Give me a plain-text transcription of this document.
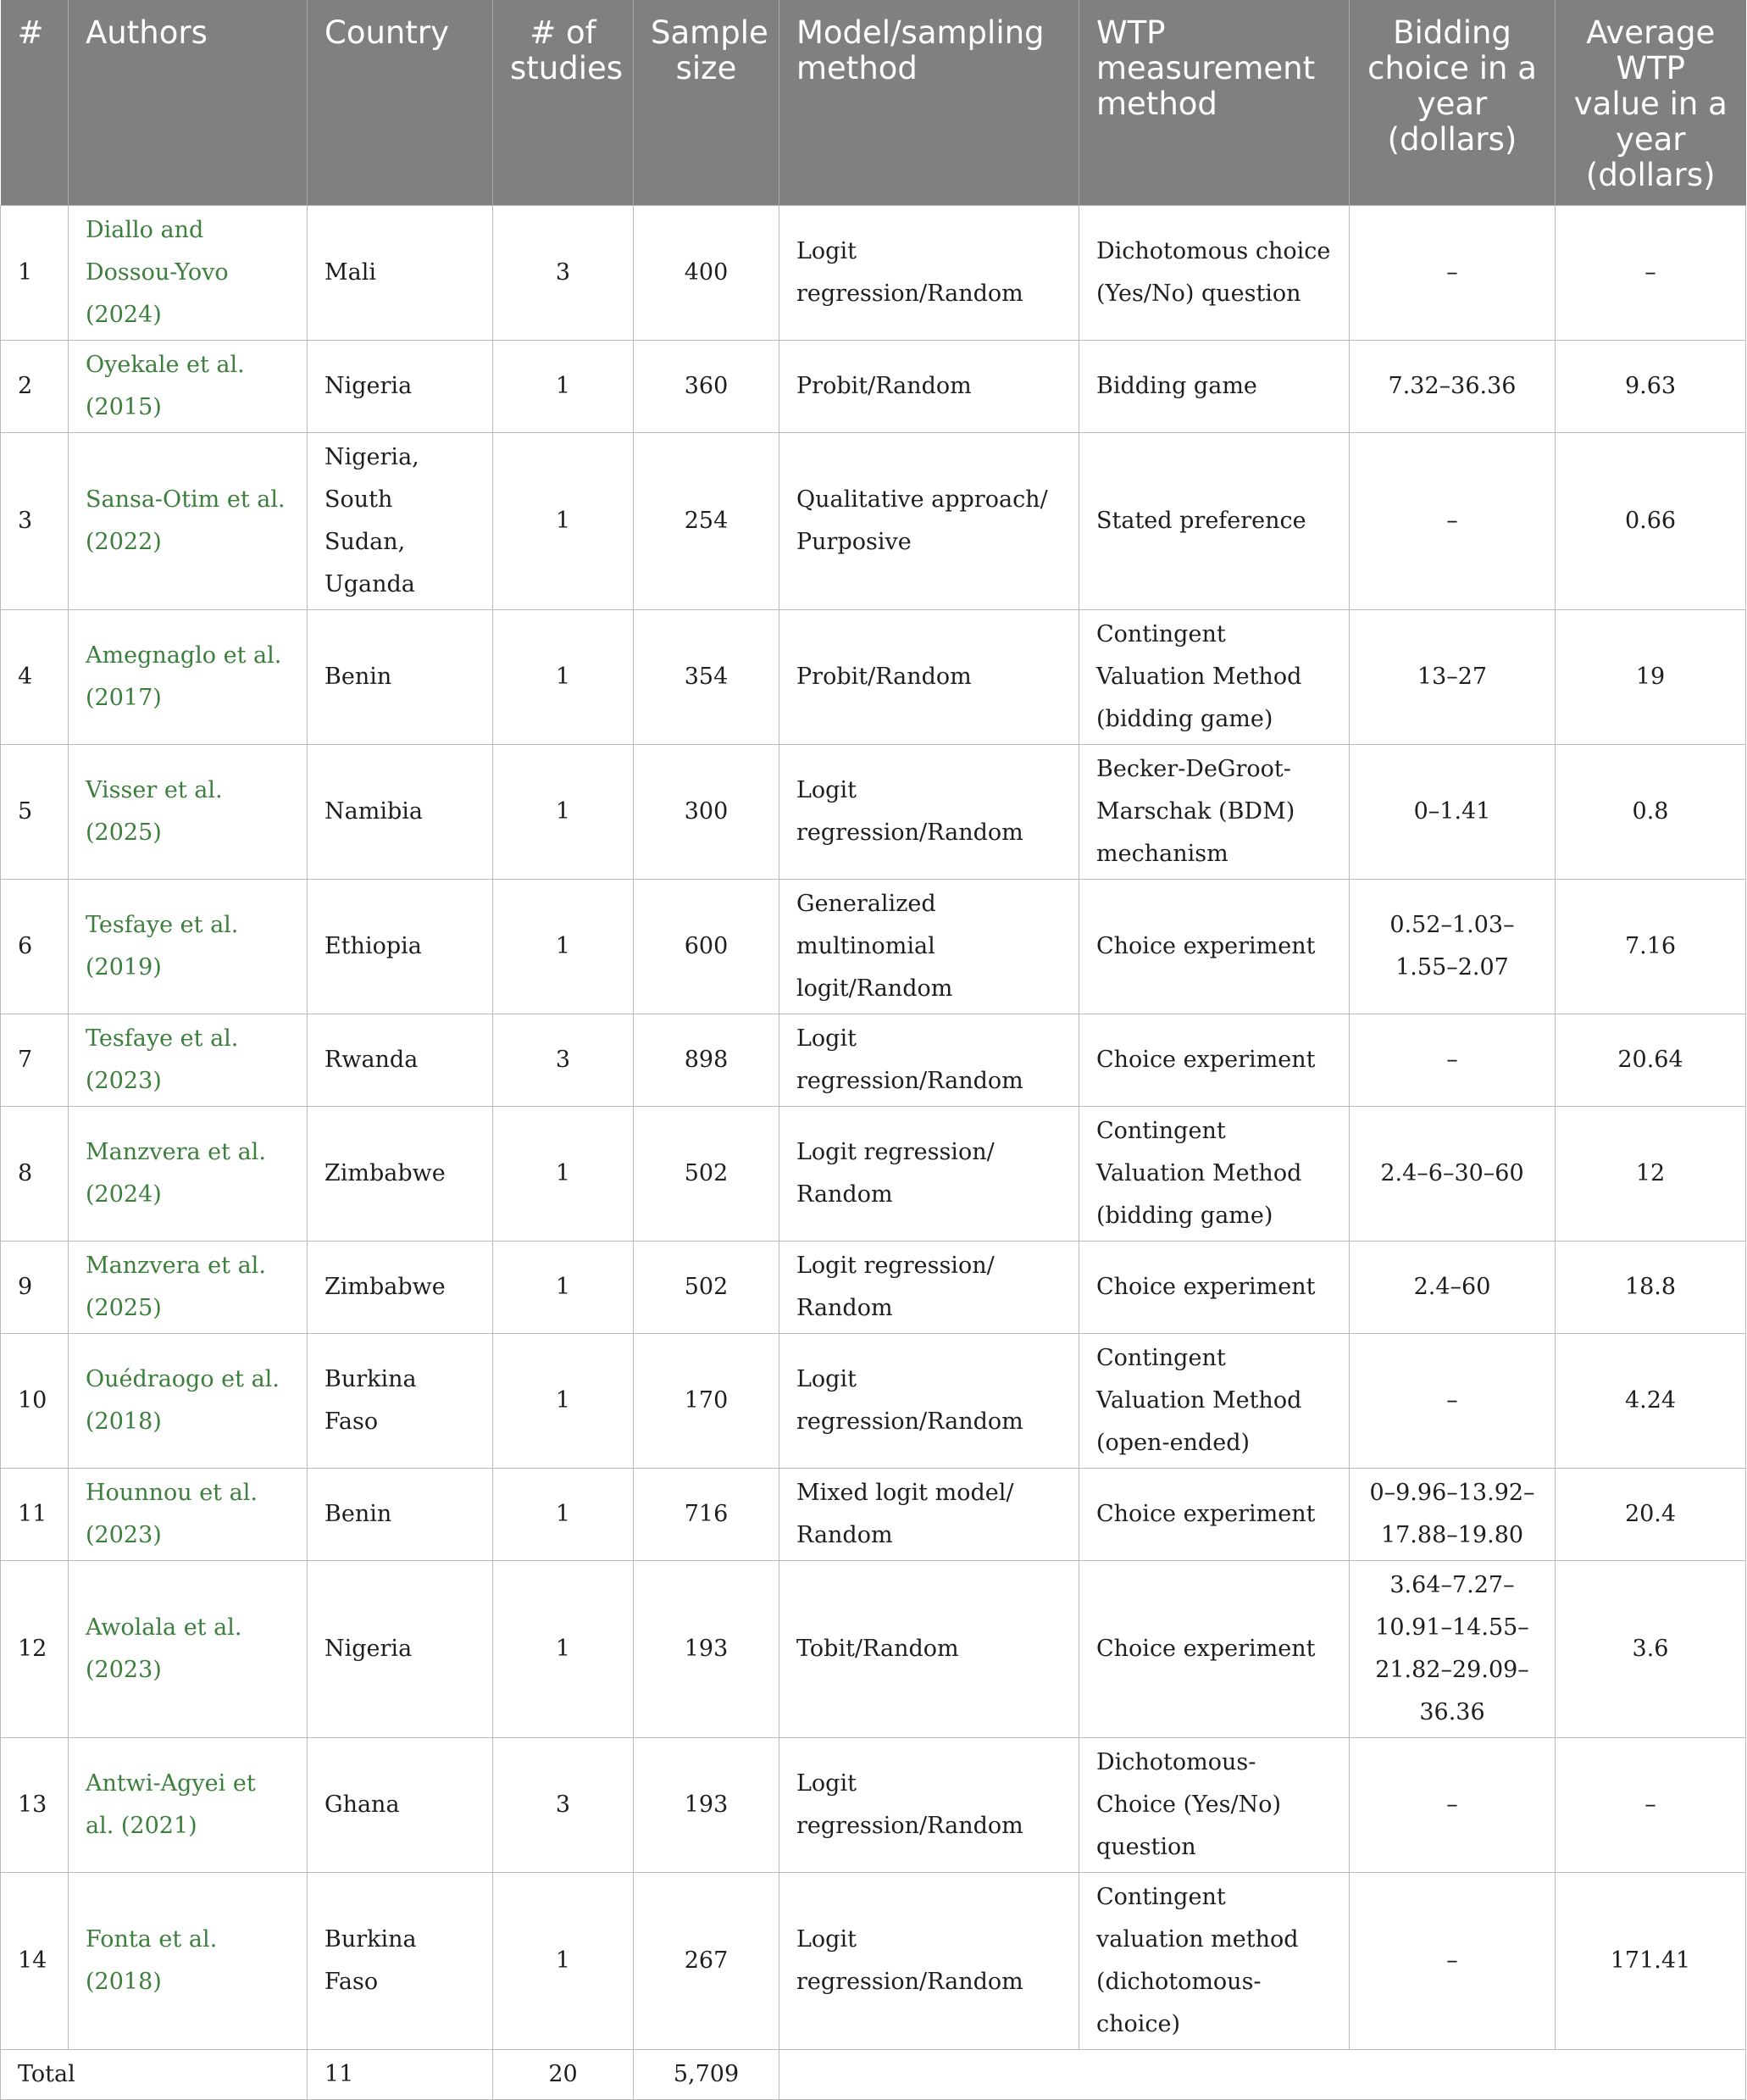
#	Authors	Country	# of studies	Sample size	Model/sampling method	WTP measurement method	Bidding choice in a year (dollars)	Average WTP value in a year (dollars)
1	Diallo and Dossou-Yovo (2024)	Mali	3	400	Logit regression/Random	Dichotomous choice (Yes/No) question	–	–
2	Oyekale et al. (2015)	Nigeria	1	360	Probit/Random	Bidding game	7.32–36.36	9.63
3	Sansa-Otim et al. (2022)	Nigeria, South Sudan, Uganda	1	254	Qualitative approach/ Purposive	Stated preference	–	0.66
4	Amegnaglo et al. (2017)	Benin	1	354	Probit/Random	Contingent Valuation Method (bidding game)	13–27	19
5	Visser et al. (2025)	Namibia	1	300	Logit regression/Random	Becker-DeGroot-Marschak (BDM) mechanism	0–1.41	0.8
6	Tesfaye et al. (2019)	Ethiopia	1	600	Generalized multinomial logit/Random	Choice experiment	0.52–1.03–1.55–2.07	7.16
7	Tesfaye et al. (2023)	Rwanda	3	898	Logit regression/Random	Choice experiment	–	20.64
8	Manzvera et al. (2024)	Zimbabwe	1	502	Logit regression/ Random	Contingent Valuation Method (bidding game)	2.4–6–30–60	12
9	Manzvera et al. (2025)	Zimbabwe	1	502	Logit regression/ Random	Choice experiment	2.4–60	18.8
10	Ouédraogo et al. (2018)	Burkina Faso	1	170	Logit regression/Random	Contingent Valuation Method (open-ended)	–	4.24
11	Hounnou et al. (2023)	Benin	1	716	Mixed logit model/ Random	Choice experiment	0–9.96–13.92–17.88–19.80	20.4
12	Awolala et al. (2023)	Nigeria	1	193	Tobit/Random	Choice experiment	3.64–7.27–10.91–14.55–21.82–29.09–36.36	3.6
13	Antwi-Agyei et al. (2021)	Ghana	3	193	Logit regression/Random	Dichotomous-Choice (Yes/No) question	–	–
14	Fonta et al. (2018)	Burkina Faso	1	267	Logit regression/Random	Contingent valuation method (dichotomous-choice)	–	171.41
Total		11	20	5,709				
